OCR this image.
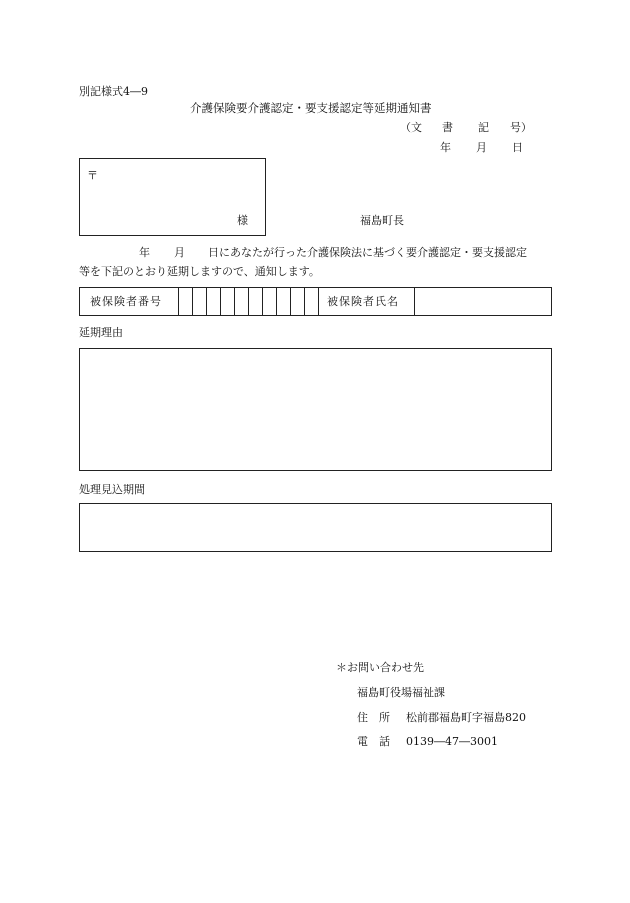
別記様式4―9
介護保険要介護認定・要支援認定等延期通知書
（文 書 記 号）
年 月 日
〒
様	福島町長
年 月 日にあなたが行った介護保険法に基づく要介護認定・要支援認定
等を下記のとおり延期しますので、通知します。
被保険者番号	被保険者氏名
延期理由
処理見込期間
＊お問い合わせ先
福島町役場福祉課
住　所 松前郡福島町字福島820
電　話 0139―47―3001
